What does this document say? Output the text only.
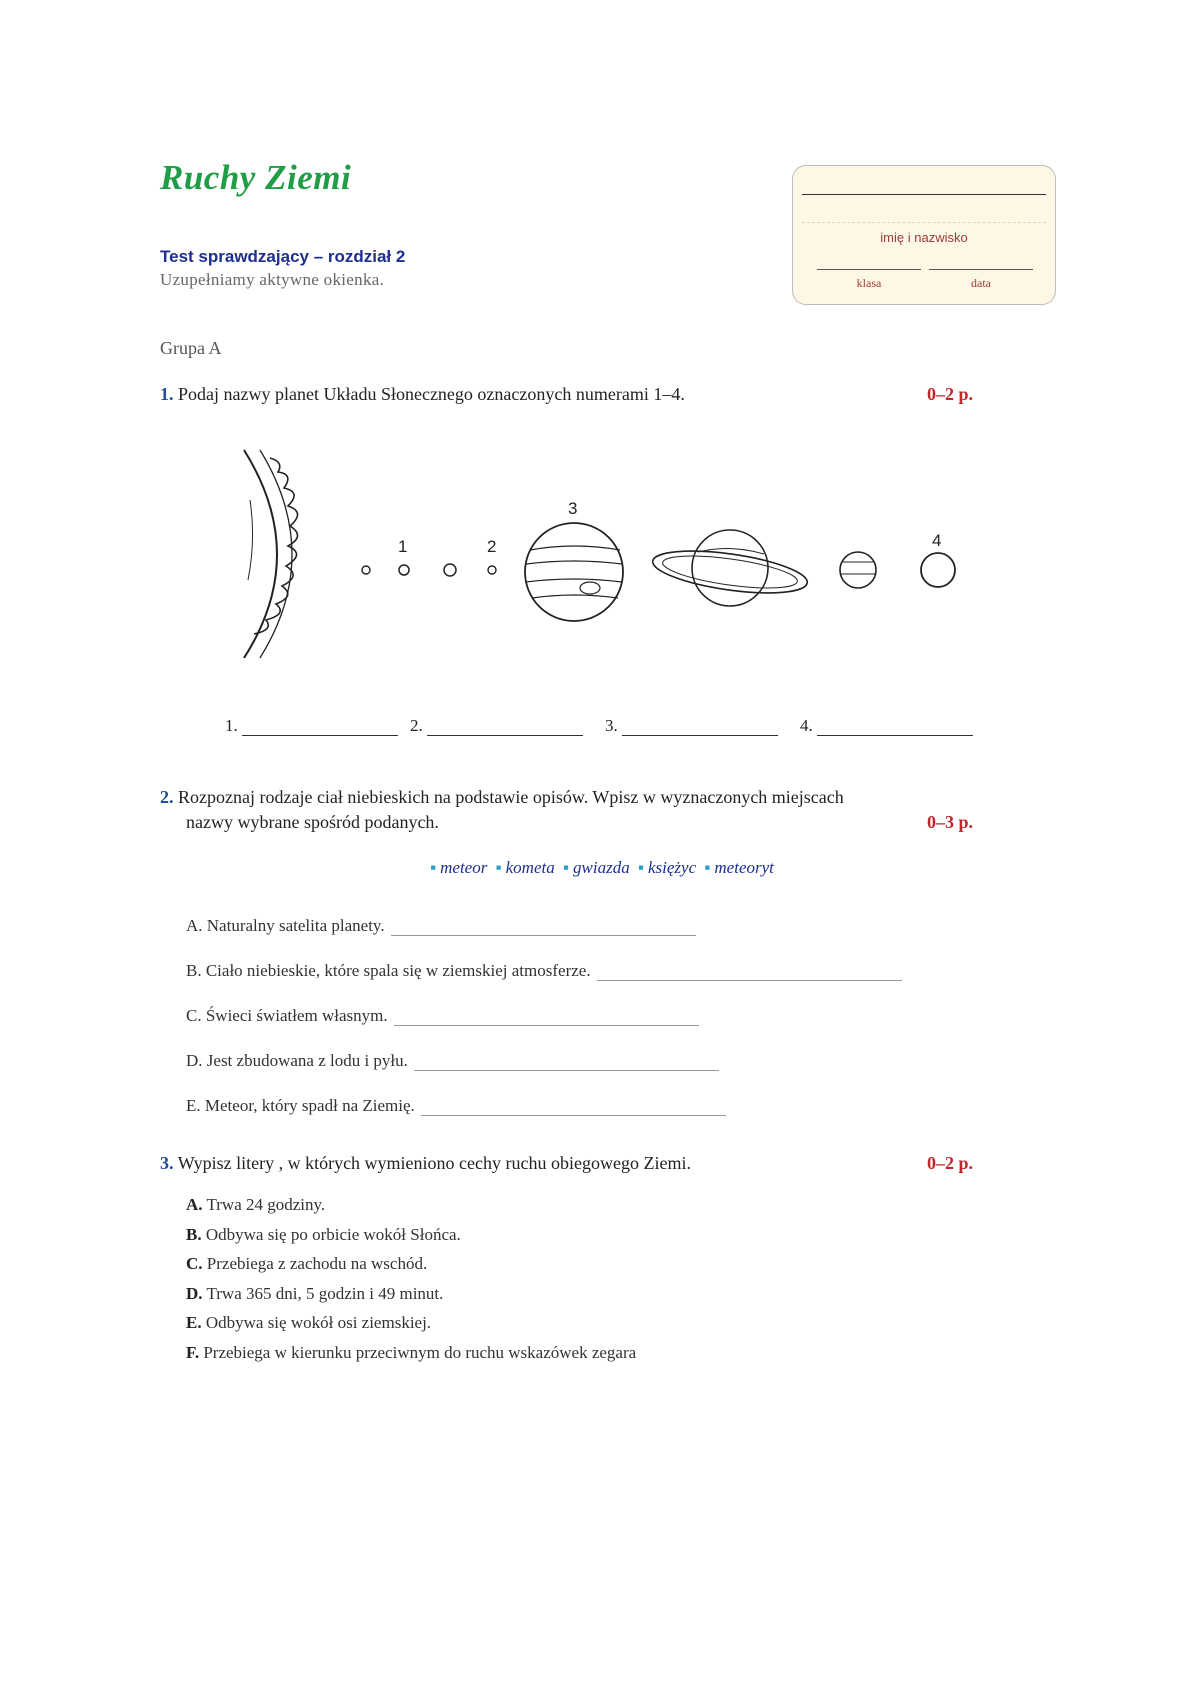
Ruchy Ziemi
Test sprawdzający – rozdział 2
Uzupełniamy aktywne okienka.
Grupa A
imię i nazwisko
klasa	data
1. Podaj nazwy planet Układu Słonecznego oznaczonych numerami 1–4.	0–2 p.
1	2
3
4
1.	2.	3.	4.
2. Rozpoznaj rodzaje ciał niebieskich na podstawie opisów. Wpisz w wyznaczonych miejscach
nazwy wybrane spośród podanych.	0–3 p.
▪ meteor ▪ kometa ▪ gwiazda ▪ księżyc ▪ meteoryt
A. Naturalny satelita planety.
B. Ciało niebieskie, które spala się w ziemskiej atmosferze.
C. Świeci światłem własnym.
D. Jest zbudowana z lodu i pyłu.
E. Meteor, który spadł na Ziemię.
3. Wypisz litery , w których wymieniono cechy ruchu obiegowego Ziemi.	0–2 p.
A. Trwa 24 godziny.
B. Odbywa się po orbicie wokół Słońca.
C. Przebiega z zachodu na wschód.
D. Trwa 365 dni, 5 godzin i 49 minut.
E. Odbywa się wokół osi ziemskiej.
F. Przebiega w kierunku przeciwnym do ruchu wskazówek zegara
